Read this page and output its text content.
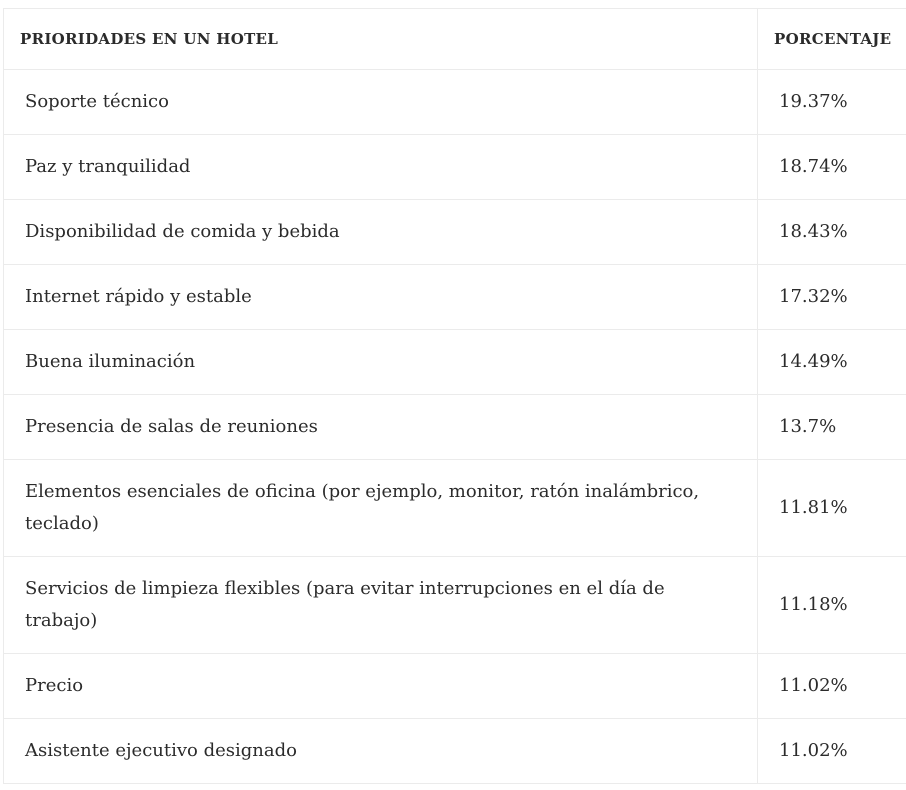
PRIORIDADES EN UN HOTEL	PORCENTAJE
Soporte técnico	19.37%
Paz y tranquilidad	18.74%
Disponibilidad de comida y bebida	18.43%
Internet rápido y estable	17.32%
Buena iluminación	14.49%
Presencia de salas de reuniones	13.7%
Elementos esenciales de oficina (por ejemplo, monitor, ratón inalámbrico, teclado)	11.81%
Servicios de limpieza flexibles (para evitar interrupciones en el día de trabajo)	11.18%
Precio	11.02%
Asistente ejecutivo designado	11.02%
